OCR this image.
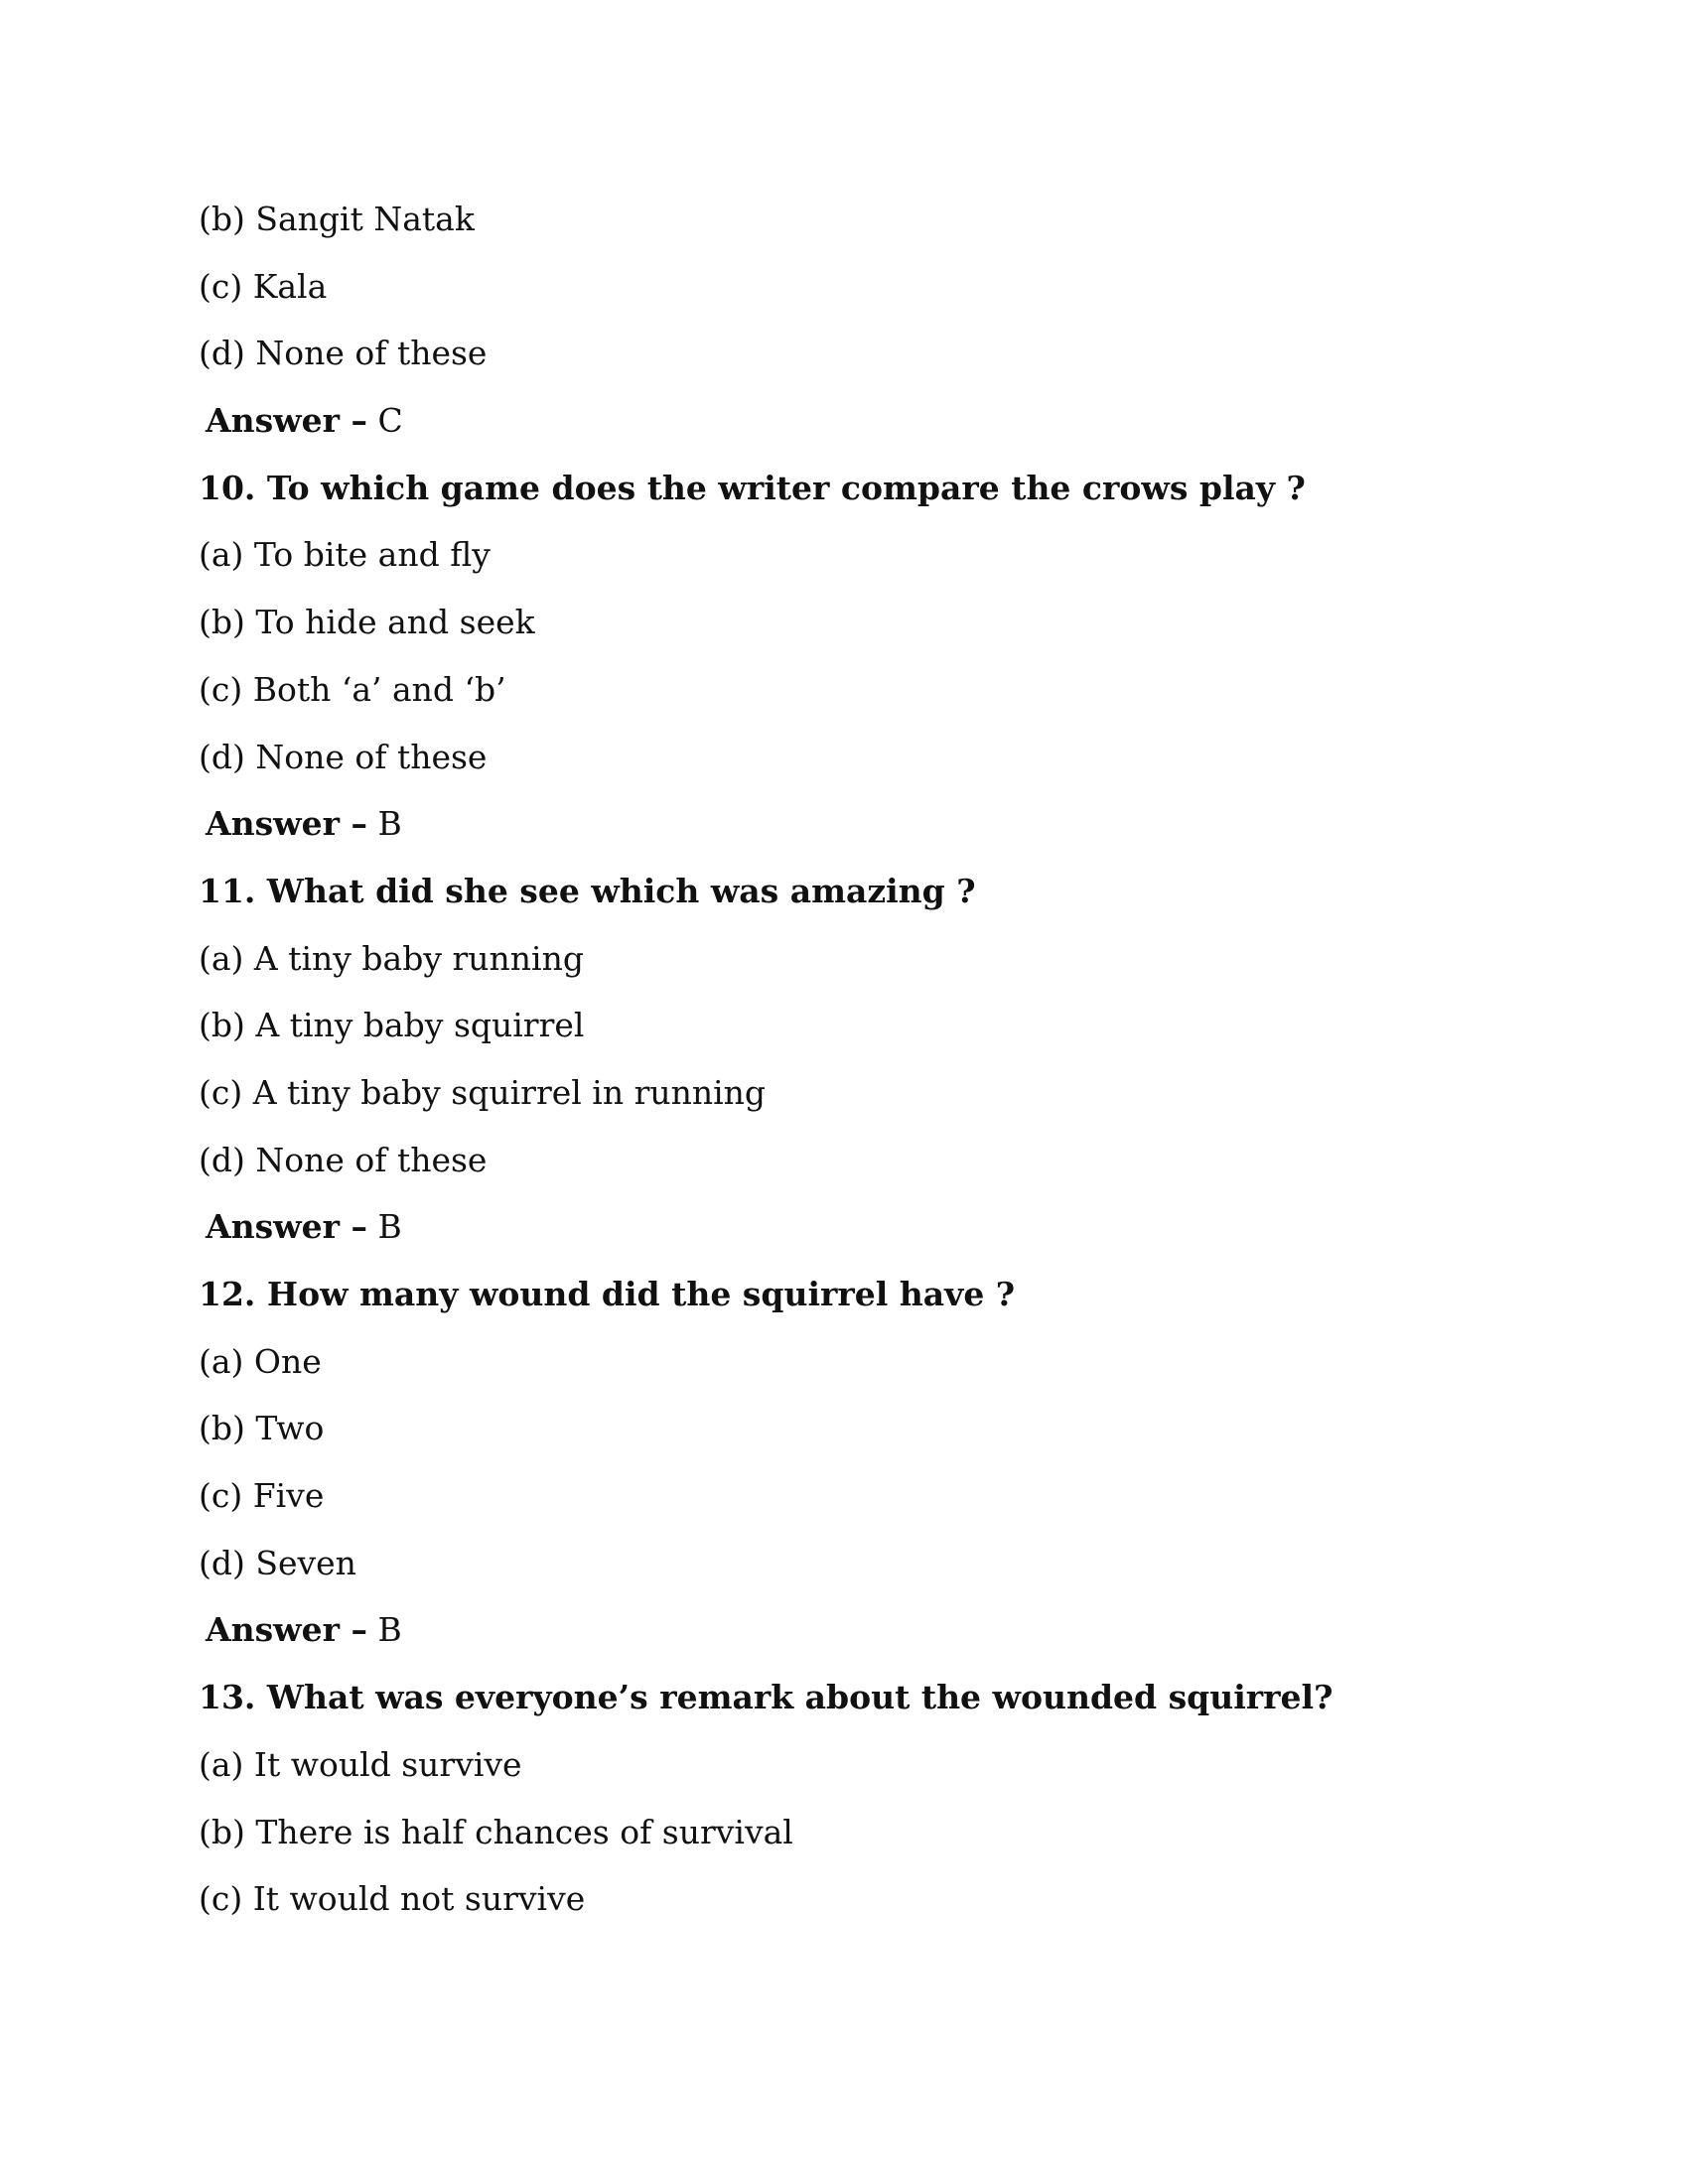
(b) Sangit Natak
(c) Kala
(d) None of these
Answer – C
10. To which game does the writer compare the crows play ?
(a) To bite and fly
(b) To hide and seek
(c) Both ‘a’ and ‘b’
(d) None of these
Answer – B
11. What did she see which was amazing ?
(a) A tiny baby running
(b) A tiny baby squirrel
(c) A tiny baby squirrel in running
(d) None of these
Answer – B
12. How many wound did the squirrel have ?
(a) One
(b) Two
(c) Five
(d) Seven
Answer – B
13. What was everyone’s remark about the wounded squirrel?
(a) It would survive
(b) There is half chances of survival
(c) It would not survive
